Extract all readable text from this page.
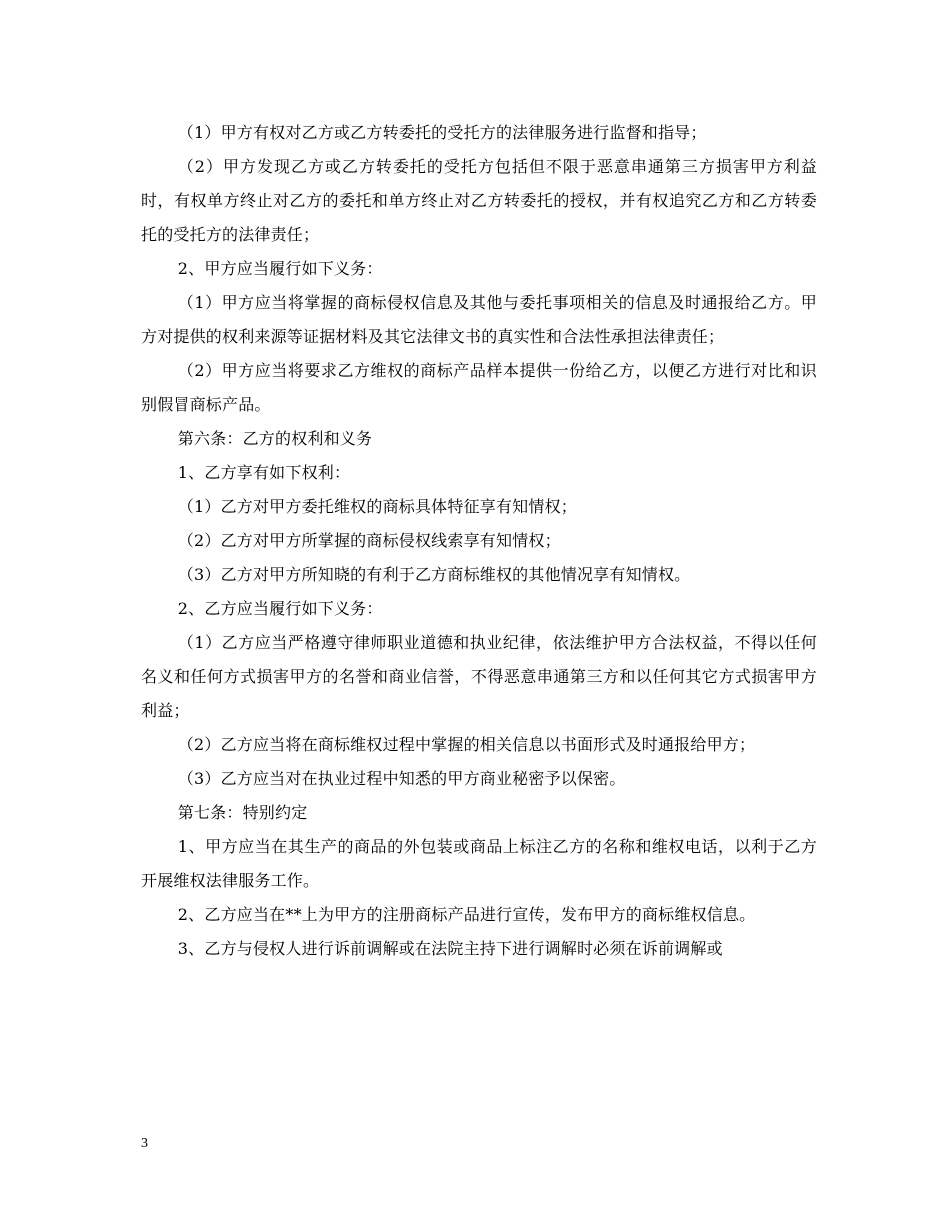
（1）甲方有权对乙方或乙方转委托的受托方的法律服务进行监督和指导；

（2）甲方发现乙方或乙方转委托的受托方包括但不限于恶意串通第三方损害甲方利益时，有权单方终止对乙方的委托和单方终止对乙方转委托的授权，并有权追究乙方和乙方转委托的受托方的法律责任；

2、甲方应当履行如下义务：

（1）甲方应当将掌握的商标侵权信息及其他与委托事项相关的信息及时通报给乙方。甲方对提供的权利来源等证据材料及其它法律文书的真实性和合法性承担法律责任；

（2）甲方应当将要求乙方维权的商标产品样本提供一份给乙方，以便乙方进行对比和识别假冒商标产品。

第六条：乙方的权利和义务

1、乙方享有如下权利：

（1）乙方对甲方委托维权的商标具体特征享有知情权；

（2）乙方对甲方所掌握的商标侵权线索享有知情权；

（3）乙方对甲方所知晓的有利于乙方商标维权的其他情况享有知情权。

2、乙方应当履行如下义务：

（1）乙方应当严格遵守律师职业道德和执业纪律，依法维护甲方合法权益，不得以任何名义和任何方式损害甲方的名誉和商业信誉，不得恶意串通第三方和以任何其它方式损害甲方利益；

（2）乙方应当将在商标维权过程中掌握的相关信息以书面形式及时通报给甲方；

（3）乙方应当对在执业过程中知悉的甲方商业秘密予以保密。

第七条：特别约定

1、甲方应当在其生产的商品的外包装或商品上标注乙方的名称和维权电话，以利于乙方开展维权法律服务工作。

2、乙方应当在**上为甲方的注册商标产品进行宣传，发布甲方的商标维权信息。

3、乙方与侵权人进行诉前调解或在法院主持下进行调解时必须在诉前调解或

3
